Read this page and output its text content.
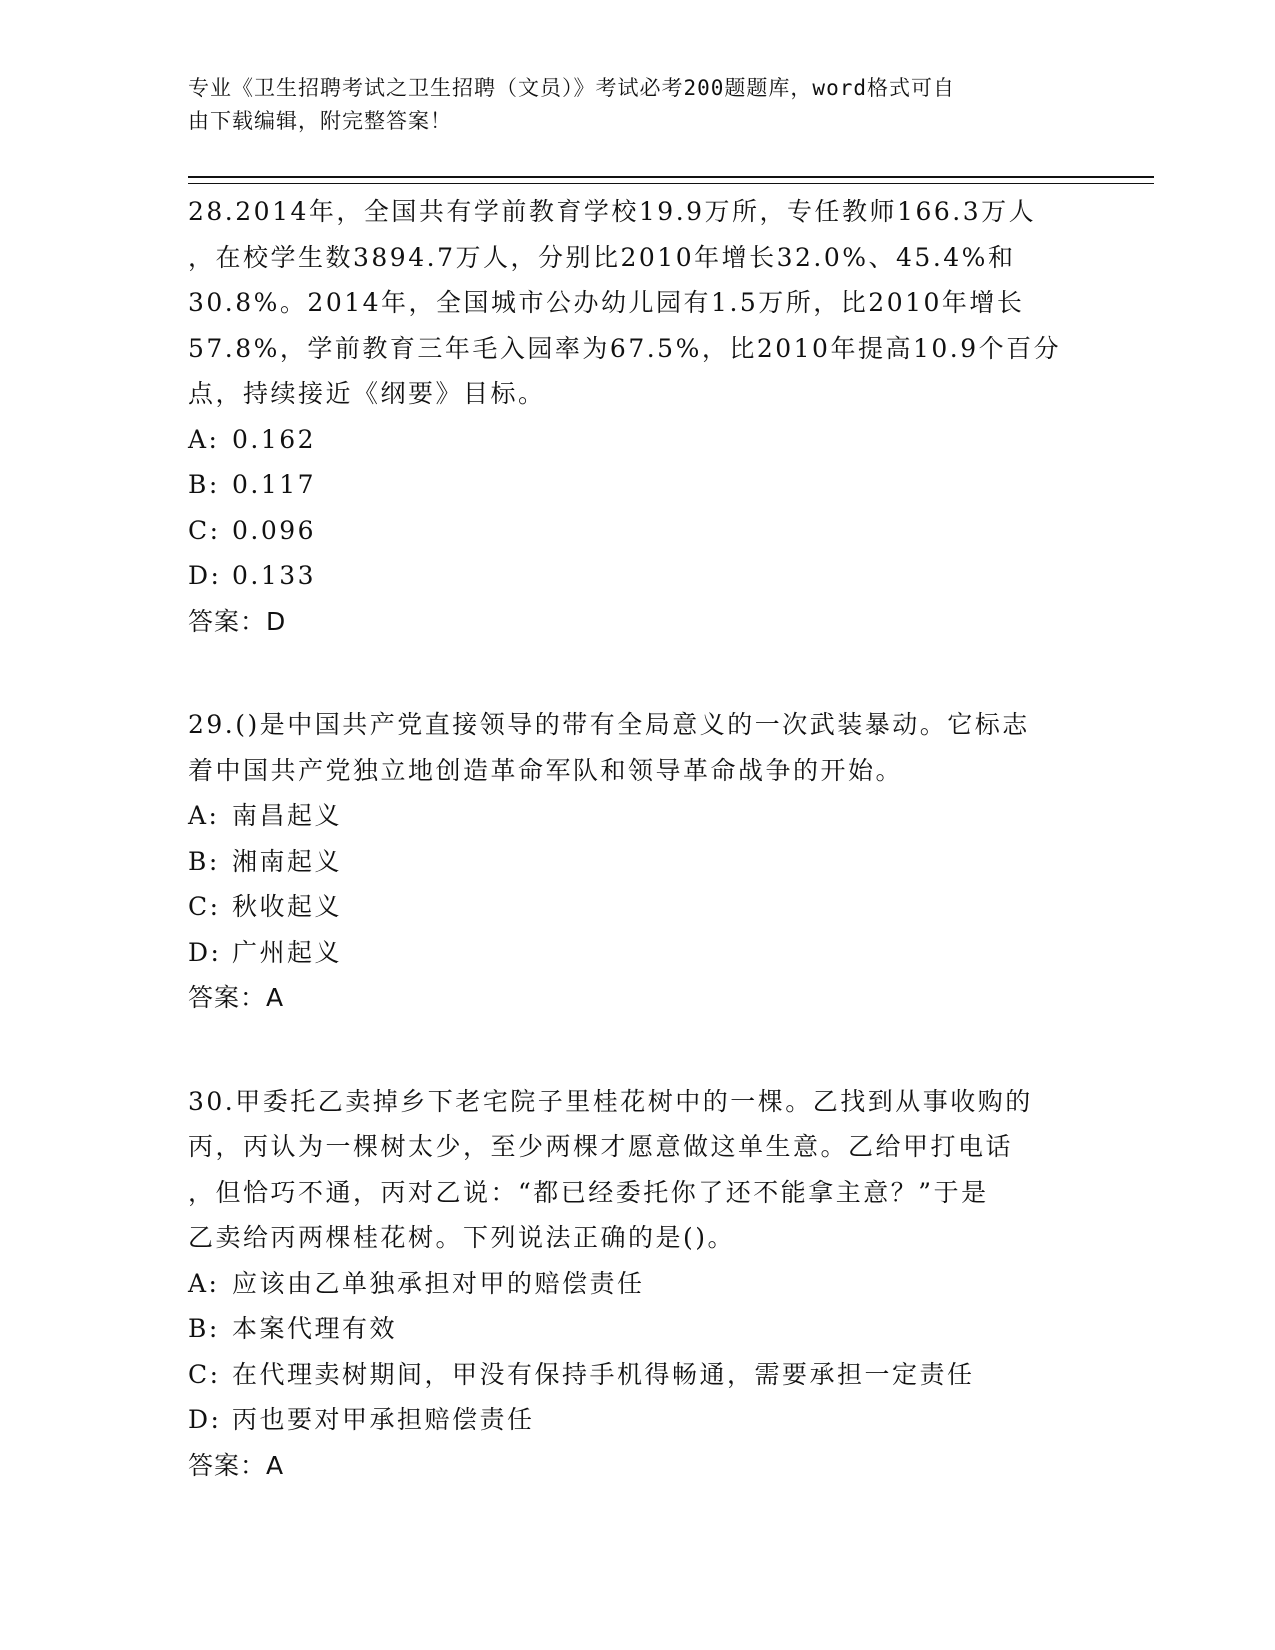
专业《卫生招聘考试之卫生招聘（文员）》考试必考200题题库，word格式可自
由下载编辑，附完整答案！
28.2014年，全国共有学前教育学校19.9万所，专任教师166.3万人
，在校学生数3894.7万人，分别比2010年增长32.0%、45.4%和
30.8%。2014年，全国城市公办幼儿园有1.5万所，比2010年增长
57.8%，学前教育三年毛入园率为67.5%，比2010年提高10.9个百分
点，持续接近《纲要》目标。
A: 0.162
B: 0.117
C: 0.096
D: 0.133
答案：D
29.()是中国共产党直接领导的带有全局意义的一次武装暴动。它标志
着中国共产党独立地创造革命军队和领导革命战争的开始。
A: 南昌起义
B: 湘南起义
C: 秋收起义
D: 广州起义
答案：A
30.甲委托乙卖掉乡下老宅院子里桂花树中的一棵。乙找到从事收购的
丙，丙认为一棵树太少，至少两棵才愿意做这单生意。乙给甲打电话
，但恰巧不通，丙对乙说：“都已经委托你了还不能拿主意？”于是
乙卖给丙两棵桂花树。下列说法正确的是()。
A: 应该由乙单独承担对甲的赔偿责任
B: 本案代理有效
C: 在代理卖树期间，甲没有保持手机得畅通，需要承担一定责任
D: 丙也要对甲承担赔偿责任
答案：A
